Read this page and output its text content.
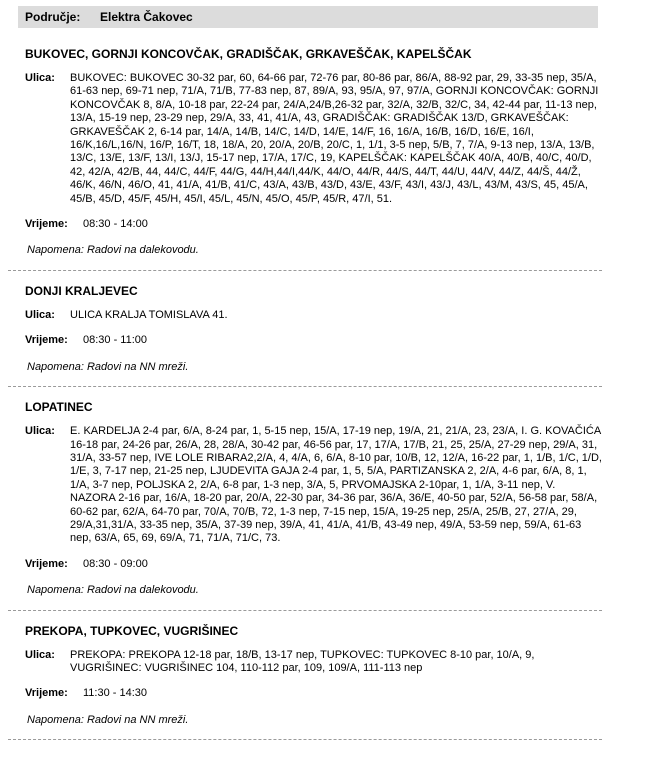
Područje:	Elektra Čakovec
BUKOVEC, GORNJI KONCOVČAK, GRADIŠČAK, GRKAVEŠČAK, KAPELŠČAK
Ulica:	BUKOVEC: BUKOVEC 30-32 par, 60, 64-66 par, 72-76 par, 80-86 par, 86/A, 88-92 par, 29, 33-35 nep, 35/A, 61-63 nep, 69-71 nep, 71/A, 71/B, 77-83 nep, 87, 89/A, 93, 95/A, 97, 97/A, GORNJI KONCOVČAK: GORNJI KONCOVČAK 8, 8/A, 10-18 par, 22-24 par, 24/A,24/B,26-32 par, 32/A, 32/B, 32/C, 34, 42-44 par, 11-13 nep, 13/A, 15-19 nep, 23-29 nep, 29/A, 33, 41, 41/A, 43, GRADIŠČAK: GRADIŠČAK 13/D, GRKAVEŠČAK: GRKAVEŠČAK 2, 6-14 par, 14/A, 14/B, 14/C, 14/D, 14/E, 14/F, 16, 16/A, 16/B, 16/D, 16/E, 16/I, 16/K,16/L,16/N, 16/P, 16/T, 18, 18/A, 20, 20/A, 20/B, 20/C, 1, 1/1, 3-5 nep, 5/B, 7, 7/A, 9-13 nep, 13/A, 13/B, 13/C, 13/E, 13/F, 13/I, 13/J, 15-17 nep, 17/A, 17/C, 19, KAPELŠČAK: KAPELŠČAK 40/A, 40/B, 40/C, 40/D, 42, 42/A, 42/B, 44, 44/C, 44/F, 44/G, 44/H,44/I,44/K, 44/O, 44/R, 44/S, 44/T, 44/U, 44/V, 44/Z, 44/Š, 44/Ž, 46/K, 46/N, 46/O, 41, 41/A, 41/B, 41/C, 43/A, 43/B, 43/D, 43/E, 43/F, 43/I, 43/J, 43/L, 43/M, 43/S, 45, 45/A, 45/B, 45/D, 45/F, 45/H, 45/I, 45/L, 45/N, 45/O, 45/P, 45/R, 47/I, 51.
Vrijeme:	08:30 - 14:00
Napomena: Radovi na dalekovodu.
DONJI KRALJEVEC
Ulica:	ULICA KRALJA TOMISLAVA 41.
Vrijeme:	08:30 - 11:00
Napomena: Radovi na NN mreži.
LOPATINEC
Ulica:	E. KARDELJA 2-4 par, 6/A, 8-24 par, 1, 5-15 nep, 15/A, 17-19 nep, 19/A, 21, 21/A, 23, 23/A, I. G. KOVAČIĆA 16-18 par, 24-26 par, 26/A, 28, 28/A, 30-42 par, 46-56 par, 17, 17/A, 17/B, 21, 25, 25/A, 27-29 nep, 29/A, 31, 31/A, 33-57 nep, IVE LOLE RIBARA2,2/A, 4, 4/A, 6, 6/A, 8-10 par, 10/B, 12, 12/A, 16-22 par, 1, 1/B, 1/C, 1/D, 1/E, 3, 7-17 nep, 21-25 nep, LJUDEVITA GAJA 2-4 par, 1, 5, 5/A, PARTIZANSKA 2, 2/A, 4-6 par, 6/A, 8, 1, 1/A, 3-7 nep, POLJSKA 2, 2/A, 6-8 par, 1-3 nep, 3/A, 5, PRVOMAJSKA 2-10par, 1, 1/A, 3-11 nep, V. NAZORA 2-16 par, 16/A, 18-20 par, 20/A, 22-30 par, 34-36 par, 36/A, 36/E, 40-50 par, 52/A, 56-58 par, 58/A, 60-62 par, 62/A, 64-70 par, 70/A, 70/B, 72, 1-3 nep, 7-15 nep, 15/A, 19-25 nep, 25/A, 25/B, 27, 27/A, 29, 29/A,31,31/A, 33-35 nep, 35/A, 37-39 nep, 39/A, 41, 41/A, 41/B, 43-49 nep, 49/A, 53-59 nep, 59/A, 61-63 nep, 63/A, 65, 69, 69/A, 71, 71/A, 71/C, 73.
Vrijeme:	08:30 - 09:00
Napomena: Radovi na dalekovodu.
PREKOPA, TUPKOVEC, VUGRIŠINEC
Ulica:	PREKOPA: PREKOPA 12-18 par, 18/B, 13-17 nep, TUPKOVEC: TUPKOVEC 8-10 par, 10/A, 9, VUGRIŠINEC: VUGRIŠINEC 104, 110-112 par, 109, 109/A, 111-113 nep
Vrijeme:	11:30 - 14:30
Napomena: Radovi na NN mreži.
